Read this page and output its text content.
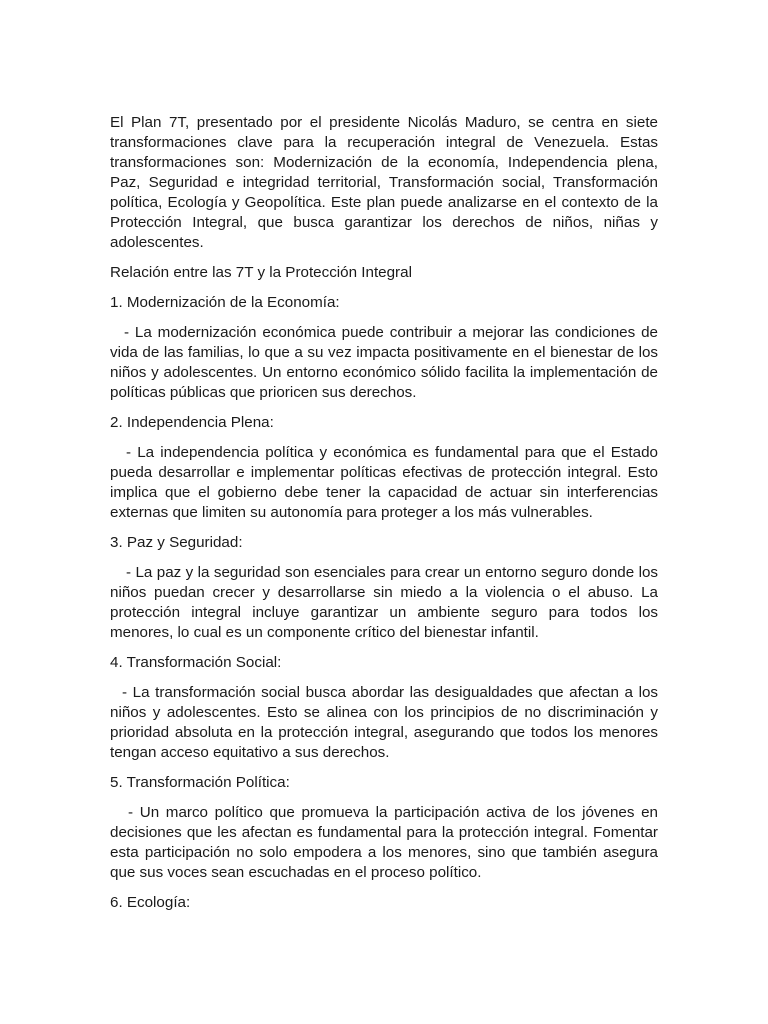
El Plan 7T, presentado por el presidente Nicolás Maduro, se centra en siete transformaciones clave para la recuperación integral de Venezuela. Estas transformaciones son: Modernización de la economía, Independencia plena, Paz, Seguridad e integridad territorial, Transformación social, Transformación política, Ecología y Geopolítica. Este plan puede analizarse en el contexto de la Protección Integral, que busca garantizar los derechos de niños, niñas y adolescentes.

Relación entre las 7T y la Protección Integral

1. Modernización de la Economía:

- La modernización económica puede contribuir a mejorar las condiciones de vida de las familias, lo que a su vez impacta positivamente en el bienestar de los niños y adolescentes. Un entorno económico sólido facilita la implementación de políticas públicas que prioricen sus derechos.

2. Independencia Plena:

- La independencia política y económica es fundamental para que el Estado pueda desarrollar e implementar políticas efectivas de protección integral. Esto implica que el gobierno debe tener la capacidad de actuar sin interferencias externas que limiten su autonomía para proteger a los más vulnerables.

3. Paz y Seguridad:

- La paz y la seguridad son esenciales para crear un entorno seguro donde los niños puedan crecer y desarrollarse sin miedo a la violencia o el abuso. La protección integral incluye garantizar un ambiente seguro para todos los menores, lo cual es un componente crítico del bienestar infantil.

4. Transformación Social:

- La transformación social busca abordar las desigualdades que afectan a los niños y adolescentes. Esto se alinea con los principios de no discriminación y prioridad absoluta en la protección integral, asegurando que todos los menores tengan acceso equitativo a sus derechos.

5. Transformación Política:

- Un marco político que promueva la participación activa de los jóvenes en decisiones que les afectan es fundamental para la protección integral. Fomentar esta participación no solo empodera a los menores, sino que también asegura que sus voces sean escuchadas en el proceso político.

6. Ecología:
